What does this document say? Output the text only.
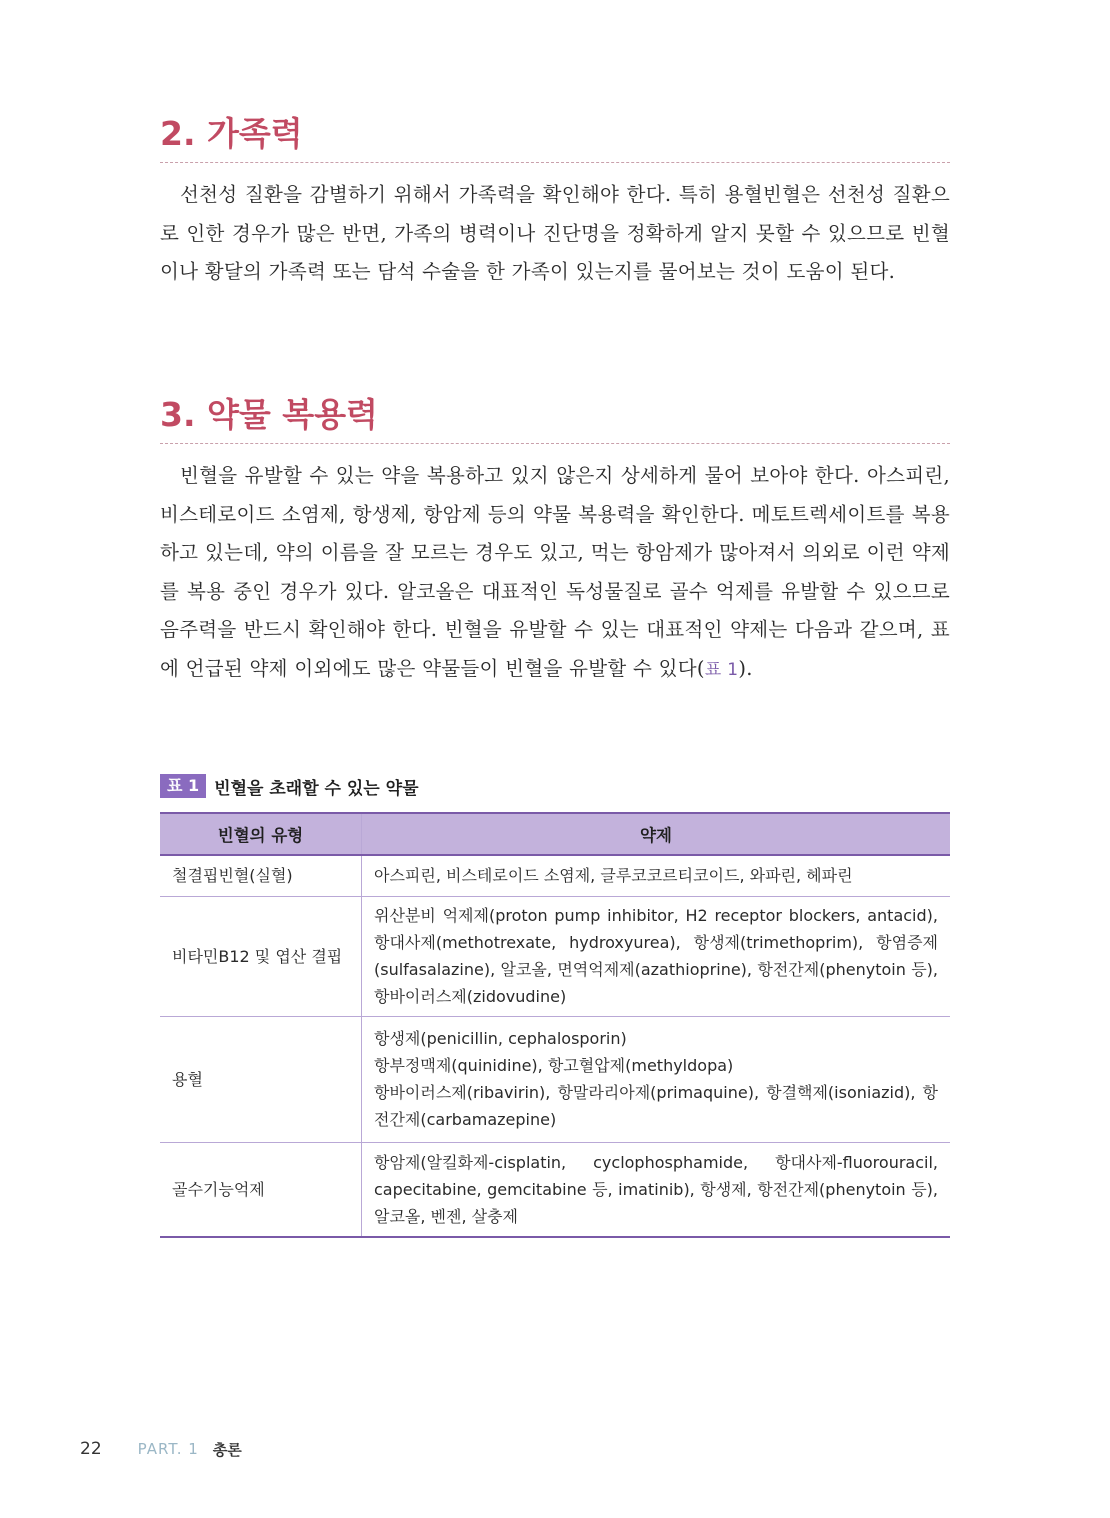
2. 가족력

선천성 질환을 감별하기 위해서 가족력을 확인해야 한다. 특히 용혈빈혈은 선천성 질환으로 인한 경우가 많은 반면, 가족의 병력이나 진단명을 정확하게 알지 못할 수 있으므로 빈혈이나 황달의 가족력 또는 담석 수술을 한 가족이 있는지를 물어보는 것이 도움이 된다.

3. 약물 복용력

빈혈을 유발할 수 있는 약을 복용하고 있지 않은지 상세하게 물어 보아야 한다. 아스피린, 비스테로이드 소염제, 항생제, 항암제 등의 약물 복용력을 확인한다. 메토트렉세이트를 복용하고 있는데, 약의 이름을 잘 모르는 경우도 있고, 먹는 항암제가 많아져서 의외로 이런 약제를 복용 중인 경우가 있다. 알코올은 대표적인 독성물질로 골수 억제를 유발할 수 있으므로 음주력을 반드시 확인해야 한다. 빈혈을 유발할 수 있는 대표적인 약제는 다음과 같으며, 표에 언급된 약제 이외에도 많은 약물들이 빈혈을 유발할 수 있다(표 1).

표 1 빈혈을 초래할 수 있는 약물
빈혈의 유형	약제
철결핍빈혈(실혈)	아스피린, 비스테로이드 소염제, 글루코코르티코이드, 와파린, 헤파린

비타민B12 및 엽산 결핍	위산분비 억제제(proton pump inhibitor, H2 receptor blockers, antacid), 항대사제(methotrexate, hydroxyurea), 항생제(trimethoprim), 항염증제(sulfasalazine), 알코올, 면역억제제(azathioprine), 항전간제(phenytoin 등), 항바이러스제(zidovudine)

용혈	항생제(penicillin, cephalosporin)
항부정맥제(quinidine), 항고혈압제(methyldopa)
항바이러스제(ribavirin), 항말라리아제(primaquine), 항결핵제(isoniazid), 항전간제(carbamazepine)

골수기능억제	항암제(알킬화제-cisplatin, cyclophosphamide, 항대사제-fluorouracil, capecitabine, gemcitabine 등, imatinib), 항생제, 항전간제(phenytoin 등), 알코올, 벤젠, 살충제
22 PART. 1 총론
